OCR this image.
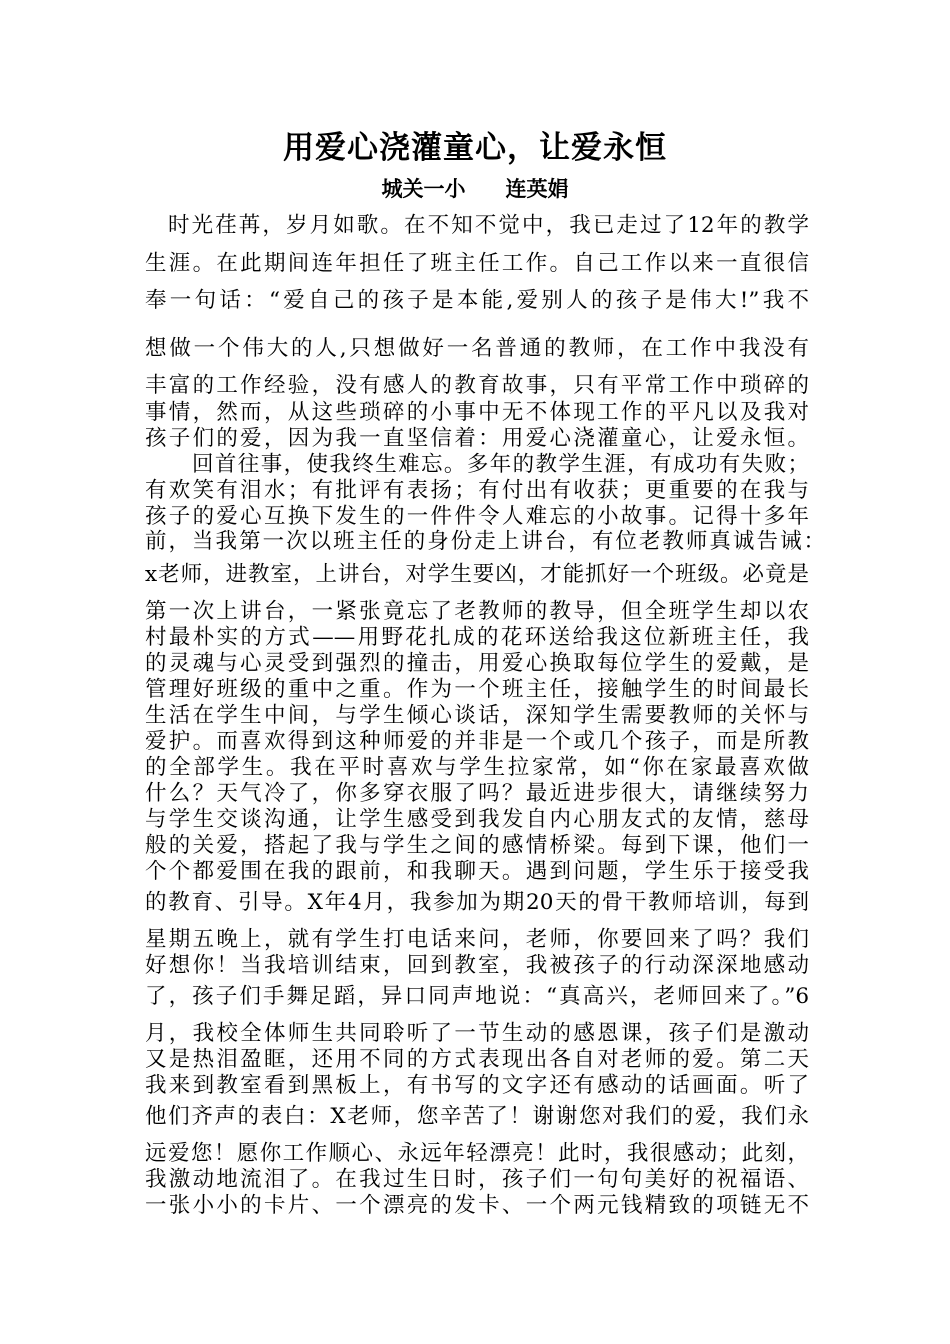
用爱心浇灌童心，让爱永恒
城关一小 连英娟
时光荏苒，岁月如歌。在不知不觉中，我已走过了12年的教学
生涯。在此期间连年担任了班主任工作。自己工作以来一直很信
奉一句话：“爱自己的孩子是本能,爱别人的孩子是伟大!”我不
想做一个伟大的人,只想做好一名普通的教师，在工作中我没有
丰富的工作经验，没有感人的教育故事，只有平常工作中琐碎的
事情，然而，从这些琐碎的小事中无不体现工作的平凡以及我对
孩子们的爱，因为我一直坚信着：用爱心浇灌童心，让爱永恒。
回首往事，使我终生难忘。多年的教学生涯，有成功有失败；
有欢笑有泪水；有批评有表扬；有付出有收获；更重要的在我与
孩子的爱心互换下发生的一件件令人难忘的小故事。记得十多年
前，当我第一次以班主任的身份走上讲台，有位老教师真诚告诫：
x老师，进教室，上讲台，对学生要凶，才能抓好一个班级。必竟是
第一次上讲台，一紧张竟忘了老教师的教导，但全班学生却以农
村最朴实的方式——用野花扎成的花环送给我这位新班主任，我
的灵魂与心灵受到强烈的撞击，用爱心换取每位学生的爱戴，是
管理好班级的重中之重。作为一个班主任，接触学生的时间最长
生活在学生中间，与学生倾心谈话，深知学生需要教师的关怀与
爱护。而喜欢得到这种师爱的并非是一个或几个孩子，而是所教
的全部学生。我在平时喜欢与学生拉家常，如“你在家最喜欢做
什么？天气冷了，你多穿衣服了吗？最近进步很大，请继续努力
与学生交谈沟通，让学生感受到我发自内心朋友式的友情，慈母
般的关爱，搭起了我与学生之间的感情桥梁。每到下课，他们一
个个都爱围在我的跟前，和我聊天。遇到问题，学生乐于接受我
的教育、引导。X年4月，我参加为期20天的骨干教师培训，每到
星期五晚上，就有学生打电话来问，老师，你要回来了吗？我们
好想你！当我培训结束，回到教室，我被孩子的行动深深地感动
了，孩子们手舞足蹈，异口同声地说：“真高兴，老师回来了。”6
月，我校全体师生共同聆听了一节生动的感恩课，孩子们是激动
又是热泪盈眶，还用不同的方式表现出各自对老师的爱。第二天
我来到教室看到黑板上，有书写的文字还有感动的话画面。听了
他们齐声的表白：X老师，您辛苦了！谢谢您对我们的爱，我们永
远爱您！愿你工作顺心、永远年轻漂亮！此时，我很感动；此刻，
我激动地流泪了。在我过生日时，孩子们一句句美好的祝福语、
一张小小的卡片、一个漂亮的发卡、一个两元钱精致的项链无不
